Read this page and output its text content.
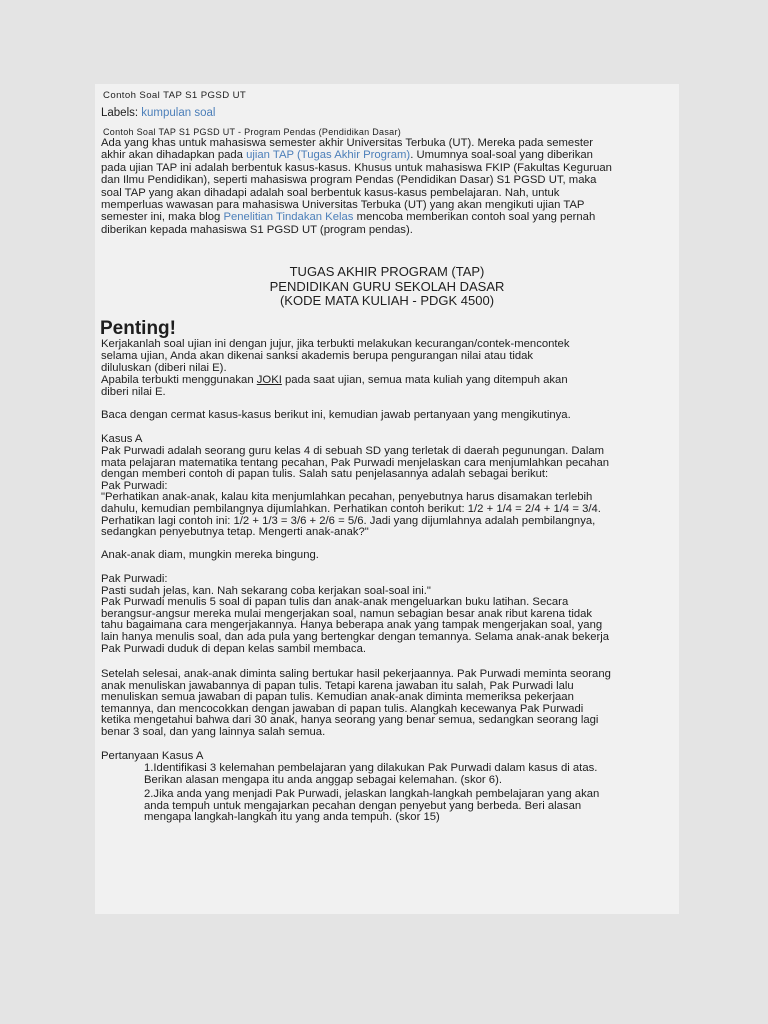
Contoh Soal TAP S1 PGSD UT

Labels: kumpulan soal

Contoh Soal TAP S1 PGSD UT - Program Pendas (Pendidikan Dasar)

Ada yang khas untuk mahasiswa semester akhir Universitas Terbuka (UT). Mereka pada semester

akhir akan dihadapkan pada ujian TAP (Tugas Akhir Program). Umumnya soal-soal yang diberikan

pada ujian TAP ini adalah berbentuk kasus-kasus. Khusus untuk mahasiswa FKIP (Fakultas Keguruan

dan Ilmu Pendidikan), seperti mahasiswa program Pendas (Pendidikan Dasar) S1 PGSD UT, maka

soal TAP yang akan dihadapi adalah soal berbentuk kasus-kasus pembelajaran. Nah, untuk

memperluas wawasan para mahasiswa Universitas Terbuka (UT) yang akan mengikuti ujian TAP

semester ini, maka blog Penelitian Tindakan Kelas mencoba memberikan contoh soal yang pernah

diberikan kepada mahasiswa S1 PGSD UT (program pendas).

TUGAS AKHIR PROGRAM (TAP)
PENDIDIKAN GURU SEKOLAH DASAR
(KODE MATA KULIAH - PDGK 4500)
Penting!

Kerjakanlah soal ujian ini dengan jujur, jika terbukti melakukan kecurangan/contek-mencontek

selama ujian, Anda akan dikenai sanksi akademis berupa pengurangan nilai atau tidak

diluluskan (diberi nilai E).

Apabila terbukti menggunakan JOKI pada saat ujian, semua mata kuliah yang ditempuh akan

diberi nilai E.

Baca dengan cermat kasus-kasus berikut ini, kemudian jawab pertanyaan yang mengikutinya.

Kasus A

Pak Purwadi adalah seorang guru kelas 4 di sebuah SD yang terletak di daerah pegunungan. Dalam
mata pelajaran matematika tentang pecahan, Pak Purwadi menjelaskan cara menjumlahkan pecahan
dengan memberi contoh di papan tulis. Salah satu penjelasannya adalah sebagai berikut:
Pak Purwadi:
"Perhatikan anak-anak, kalau kita menjumlahkan pecahan, penyebutnya harus disamakan terlebih
dahulu, kemudian pembilangnya dijumlahkan. Perhatikan contoh berikut: 1/2 + 1/4 = 2/4 + 1/4 = 3/4.
Perhatikan lagi contoh ini: 1/2 + 1/3 = 3/6 + 2/6 = 5/6. Jadi yang dijumlahnya adalah pembilangnya,
sedangkan penyebutnya tetap. Mengerti anak-anak?"

Anak-anak diam, mungkin mereka bingung.

Pak Purwadi:
Pasti sudah jelas, kan. Nah sekarang coba kerjakan soal-soal ini."
Pak Purwadi menulis 5 soal di papan tulis dan anak-anak mengeluarkan buku latihan. Secara
berangsur-angsur mereka mulai mengerjakan soal, namun sebagian besar anak ribut karena tidak
tahu bagaimana cara mengerjakannya. Hanya beberapa anak yang tampak mengerjakan soal, yang
lain hanya menulis soal, dan ada pula yang bertengkar dengan temannya. Selama anak-anak bekerja
Pak Purwadi duduk di depan kelas sambil membaca.
Setelah selesai, anak-anak diminta saling bertukar hasil pekerjaannya. Pak Purwadi meminta seorang
anak menuliskan jawabannya di papan tulis. Tetapi karena jawaban itu salah, Pak Purwadi lalu
menuliskan semua jawaban di papan tulis. Kemudian anak-anak diminta memeriksa pekerjaan
temannya, dan mencocokkan dengan jawaban di papan tulis. Alangkah kecewanya Pak Purwadi
ketika mengetahui bahwa dari 30 anak, hanya seorang yang benar semua, sedangkan seorang lagi
benar 3 soal, dan yang lainnya salah semua.

Pertanyaan Kasus A

1.Identifikasi 3 kelemahan pembelajaran yang dilakukan Pak Purwadi dalam kasus di atas.
Berikan alasan mengapa itu anda anggap sebagai kelemahan. (skor 6).
2.Jika anda yang menjadi Pak Purwadi, jelaskan langkah-langkah pembelajaran yang akan
anda tempuh untuk mengajarkan pecahan dengan penyebut yang berbeda. Beri alasan
mengapa langkah-langkah itu yang anda tempuh. (skor 15)
